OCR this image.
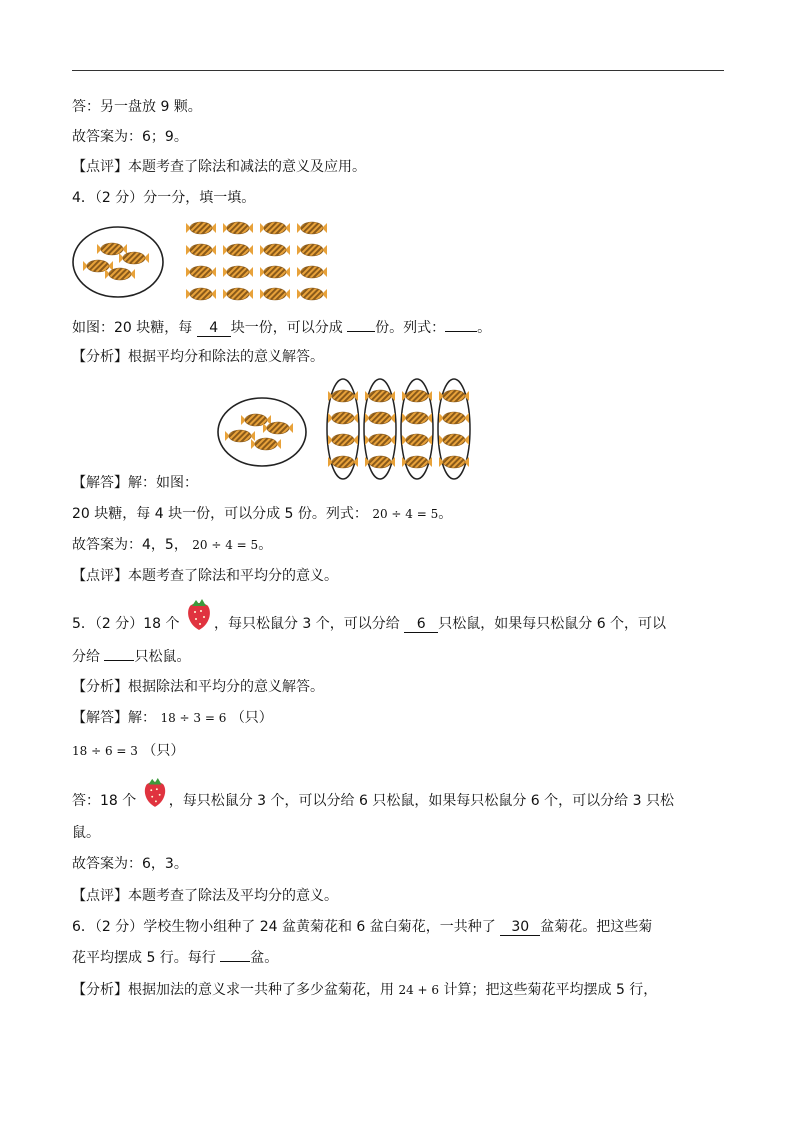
答：另一盘放 9 颗。
故答案为：6；9。
【点评】本题考查了除法和减法的意义及应用。
4．（2 分）分一分，填一填。
如图：20 块糖，每 4 块一份，可以分成 份。列式： 。
【分析】根据平均分和除法的意义解答。
【解答】解：如图：
20 块糖，每 4 块一份，可以分成 5 份。列式： 20 ÷ 4 = 5。
故答案为：4，5， 20 ÷ 4 = 5。
【点评】本题考查了除法和平均分的意义。
5．（2 分）18 个 ，每只松鼠分 3 个，可以分给 6 只松鼠，如果每只松鼠分 6 个，可以
分给 只松鼠。
【分析】根据除法和平均分的意义解答。
【解答】解： 18 ÷ 3 = 6 （只）
18 ÷ 6 = 3 （只）
答：18 个 ，每只松鼠分 3 个，可以分给 6 只松鼠，如果每只松鼠分 6 个，可以分给 3 只松
鼠。
故答案为：6，3。
【点评】本题考查了除法及平均分的意义。
6．（2 分）学校生物小组种了 24 盆黄菊花和 6 盆白菊花，一共种了 30 盆菊花。把这些菊
花平均摆成 5 行。每行 盆。
【分析】根据加法的意义求一共种了多少盆菊花，用 24 + 6 计算；把这些菊花平均摆成 5 行，
